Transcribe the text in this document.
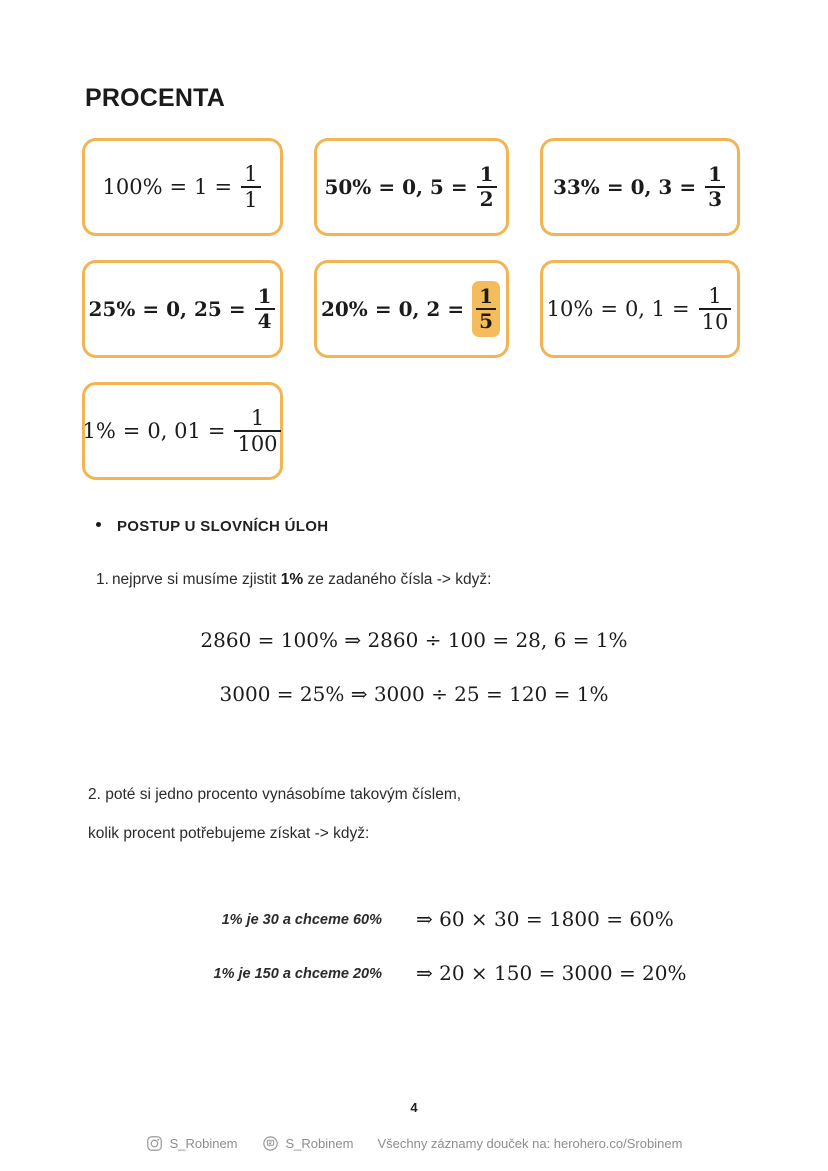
PROCENTA
$100\% = 1 = \frac{1}{1}$	50% = 0, $5 = \frac{1}{2}$	33% = 0, $3 = \frac{1}{3}$
25% = 0, $25 = \frac{1}{4} 20\% = 0$, $2 = \frac{1}{5} 10\% = 0$, $1 = \frac{1}{10}$
1% = 0, $01 = \frac{1}{100}$
POSTUP U SLOVNÍCH ÚLOH
1. nejprve si musíme zjistit 1% ze zadaného čísla -> když:
2860 = 100% ⇒ 2860 ÷ 100 = 28, 6 = 1%
3000 = 25% ⇒ 3000 ÷ 25 = 120 = 1%
2. poté si jedno procento vynásobíme takovým číslem,
kolik procent potřebujeme získat -> když:
1% je 30 a chceme 60% ⇒ 60 × 30 = 1800 = 60%
1% je 150 a chceme 20% ⇒ 20 × 150 = 3000 = 20%
4
S_Robinem	S_Robinem Všechny záznamy douček na: herohero.co/Srobinem
